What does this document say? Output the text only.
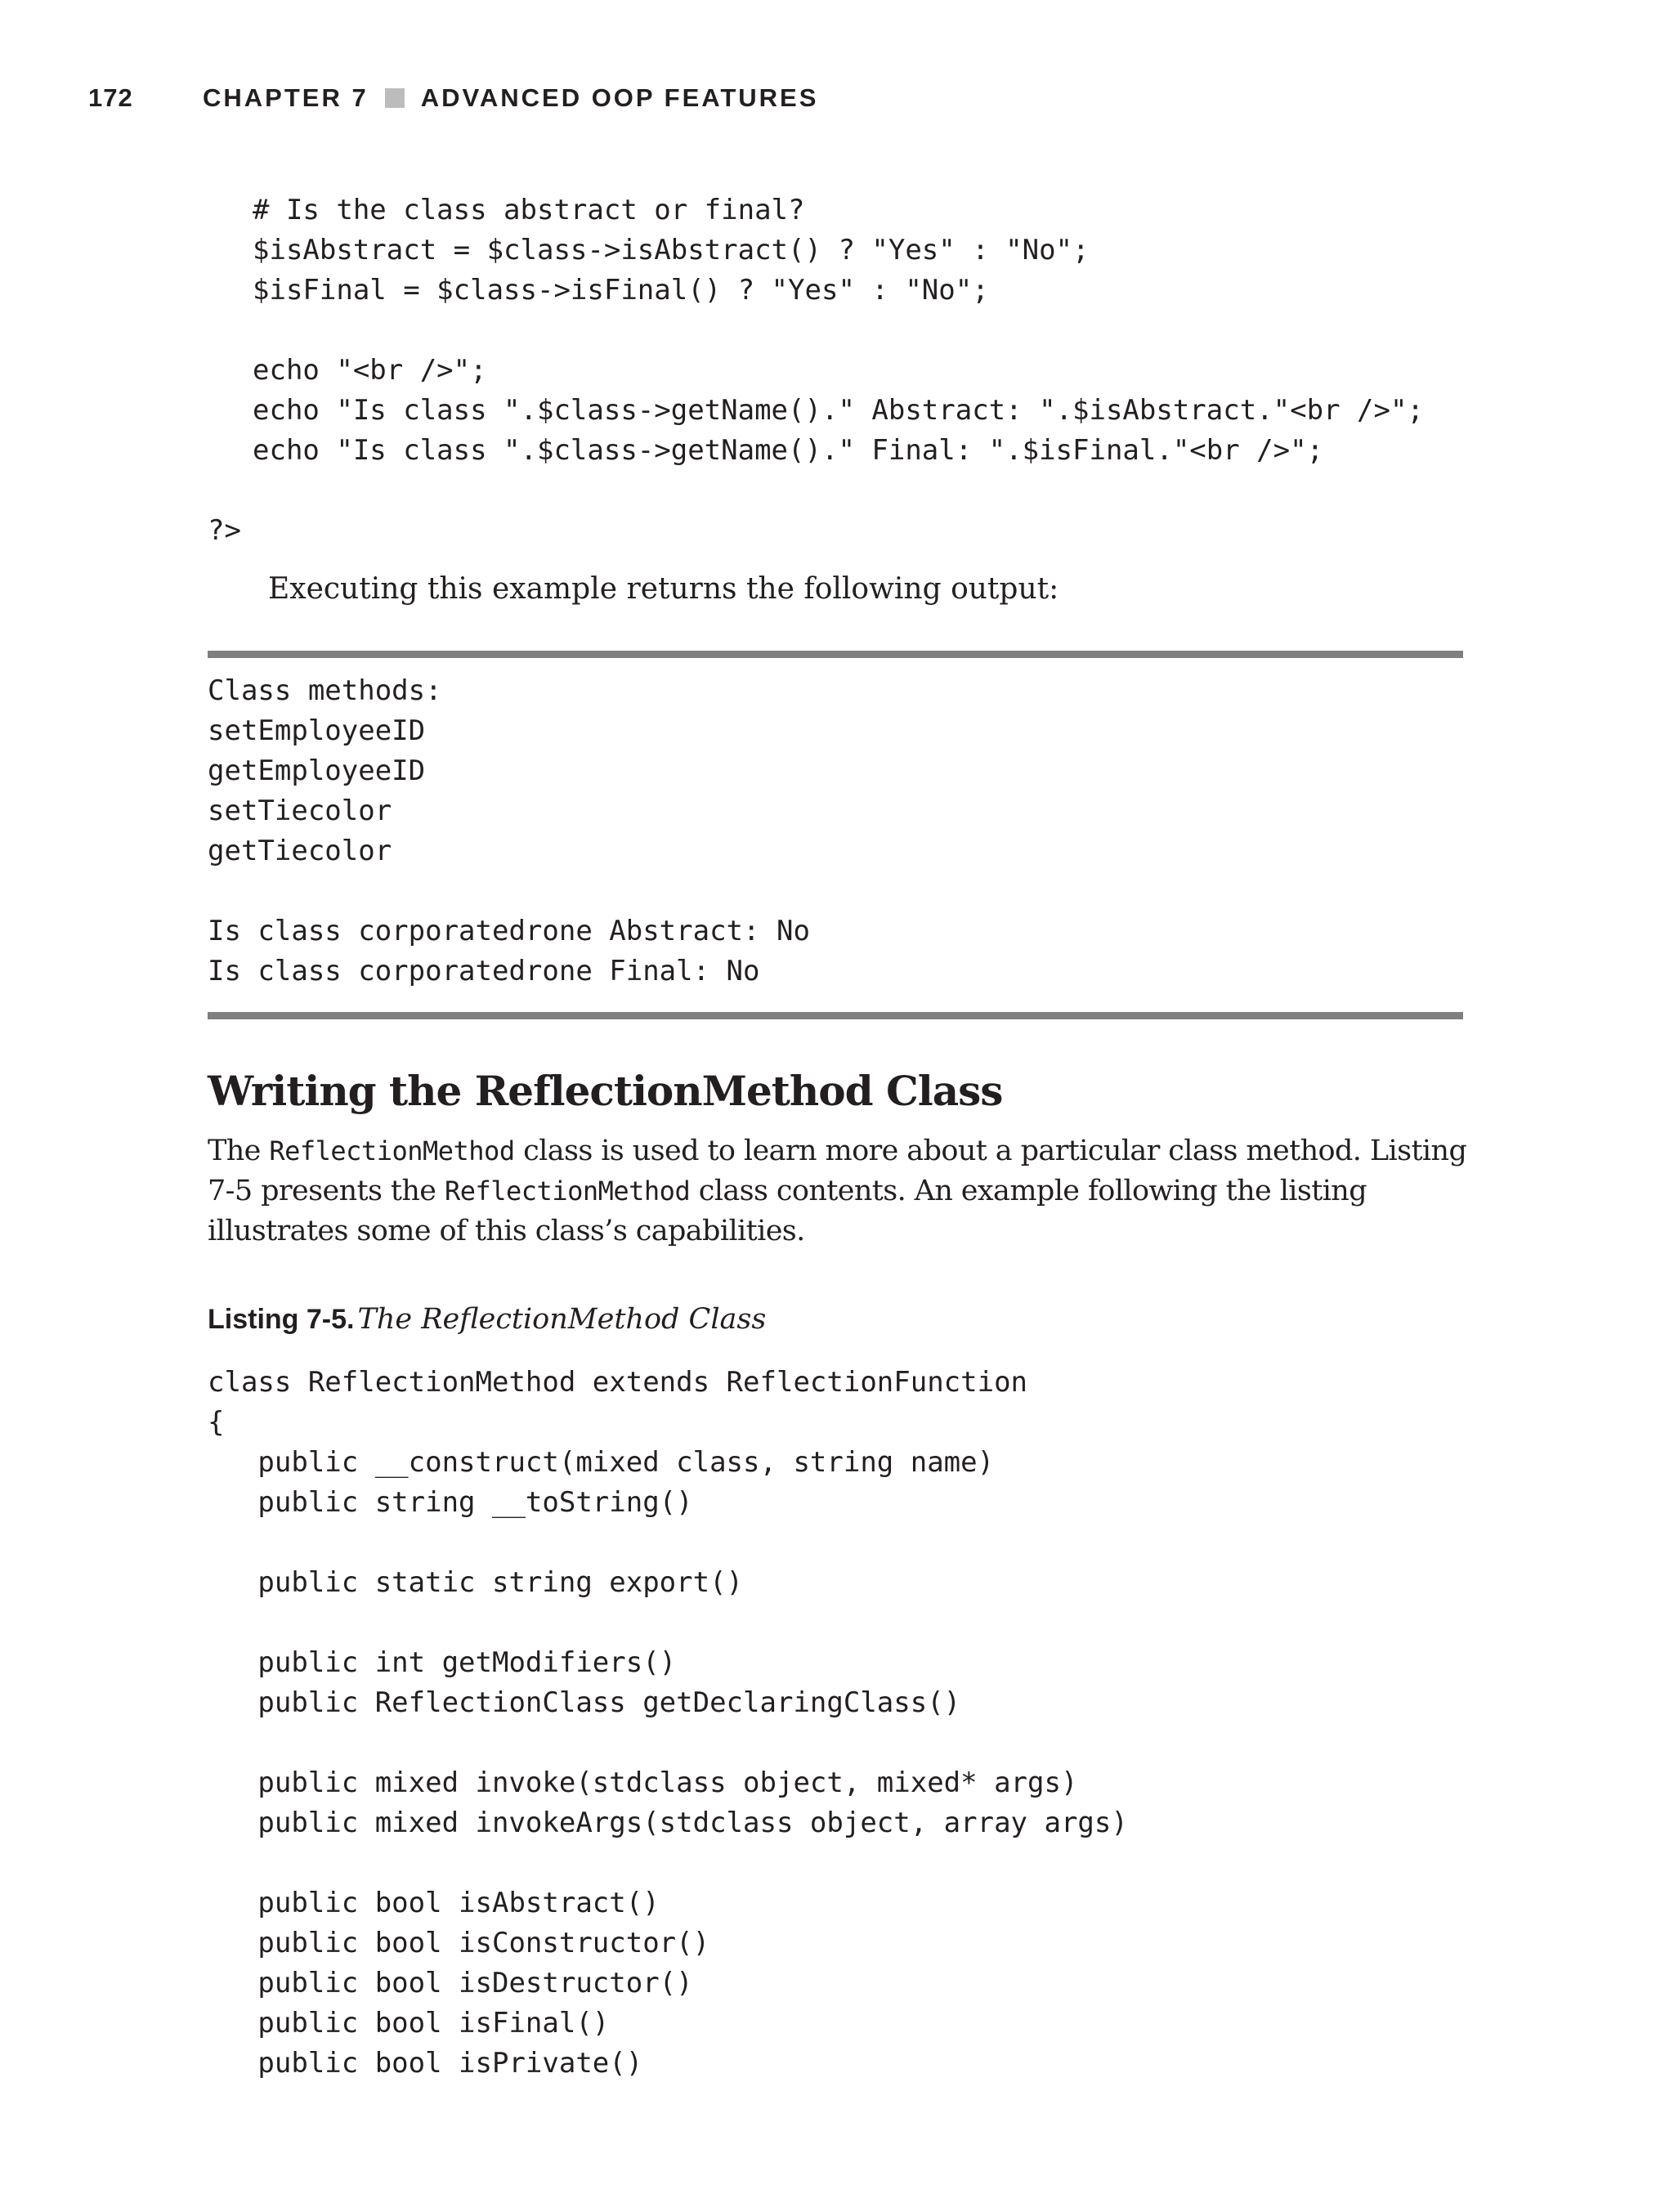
172	CHAPTER 7 ADVANCED OOP FEATURES
# Is the class abstract or final?
$isAbstract = $class->isAbstract() ? "Yes" : "No";
$isFinal = $class->isFinal() ? "Yes" : "No";
echo "<br />";
echo "Is class ".$class->getName()." Abstract: ".$isAbstract."<br />";
echo "Is class ".$class->getName()." Final: ".$isFinal."<br />";
?>
Executing this example returns the following output:
Class methods:
setEmployeeID
getEmployeeID
setTiecolor
getTiecolor
Is class corporatedrone Abstract: No
Is class corporatedrone Final: No
Writing the ReflectionMethod Class

The ReflectionMethod class is used to learn more about a particular class method. Listing 7-5 presents the ReflectionMethod class contents. An example following the listing illustrates some of this class’s capabilities.

Listing 7-5. The ReflectionMethod Class

class ReflectionMethod extends ReflectionFunction
{
public __construct(mixed class, string name)
public string __toString()
public static string export()
public int getModifiers()
public ReflectionClass getDeclaringClass()
public mixed invoke(stdclass object, mixed* args)
public mixed invokeArgs(stdclass object, array args)
public bool isAbstract()
public bool isConstructor()
public bool isDestructor()
public bool isFinal()
public bool isPrivate()
